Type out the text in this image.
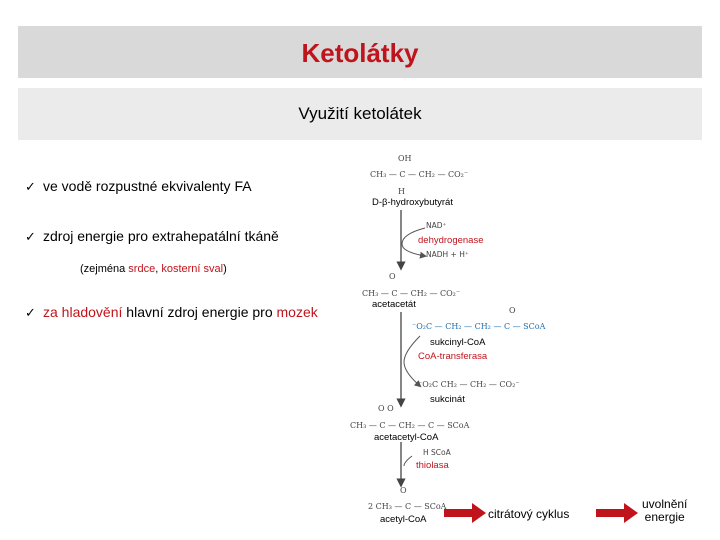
Ketolátky
Využití ketolátek
✓ ve vodě rozpustné ekvivalenty FA
✓ zdroj energie pro extrahepatální tkáně
(zejména srdce, kosterní sval)
✓ za hladovění hlavní zdroj energie pro mozek
OH
CH₃ — C — CH₂ — CO₂⁻
H
D-β-hydroxybutyrát
NAD⁺
dehydrogenase
NADH + H⁺
O
CH₃ — C — CH₂ — CO₂⁻
acetacetát
O
⁻O₂C — CH₂ — CH₂ — C — SCoA
sukcinyl-CoA
CoA-transferasa
⁻O₂C CH₂ — CH₂ — CO₂⁻
sukcinát
O O
CH₃ — C — CH₂ — C — SCoA
acetacetyl-CoA
H SCoA
thiolasa
O
2 CH₃ — C — SCoA
acetyl-CoA	citrátový cyklus
uvolnění
energie
